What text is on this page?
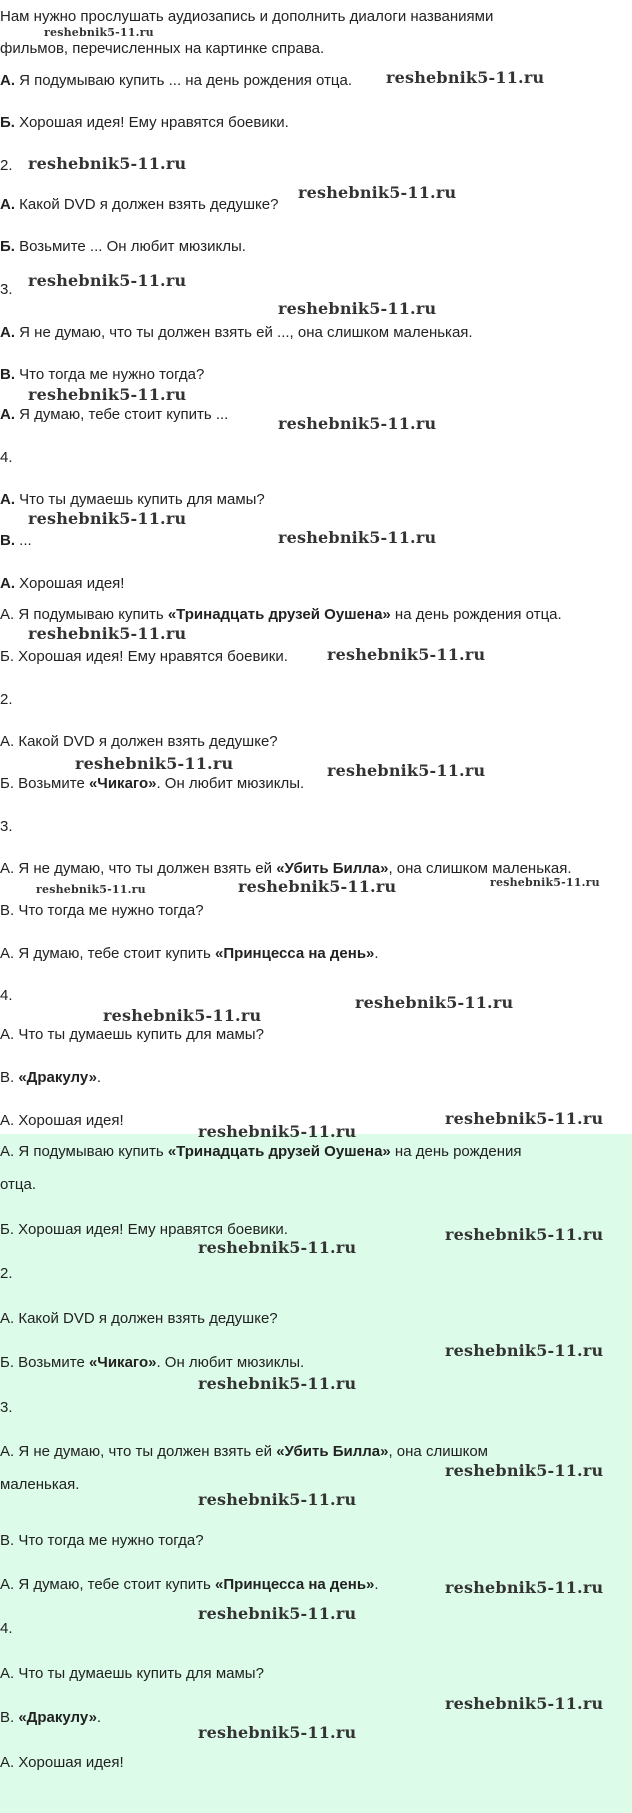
Нам нужно прослушать аудиозапись и дополнить диалоги названиями

фильмов, перечисленных на картинке справа.

А. Я подумываю купить ... на день рождения отца.

Б. Хорошая идея! Ему нравятся боевики.

2.

А. Какой DVD я должен взять дедушке?

Б. Возьмите ... Он любит мюзиклы.

3.

А. Я не думаю, что ты должен взять ей ..., она слишком маленькая.

В. Что тогда ме нужно тогда?

А. Я думаю, тебе стоит купить ...

4.

А. Что ты думаешь купить для мамы?

В. ...

А. Хорошая идея!

А. Я подумываю купить «Тринадцать друзей Оушена» на день рождения отца.

Б. Хорошая идея! Ему нравятся боевики.

2.

А. Какой DVD я должен взять дедушке?

Б. Возьмите «Чикаго». Он любит мюзиклы.

3.

А. Я не думаю, что ты должен взять ей «Убить Билла», она слишком маленькая.

В. Что тогда ме нужно тогда?

А. Я думаю, тебе стоит купить «Принцесса на день».

4.

А. Что ты думаешь купить для мамы?

В. «Дракулу».

А. Хорошая идея!

А. Я подумываю купить «Тринадцать друзей Оушена» на день рождения

отца.

Б. Хорошая идея! Ему нравятся боевики.

2.

А. Какой DVD я должен взять дедушке?

Б. Возьмите «Чикаго». Он любит мюзиклы.

3.

А. Я не думаю, что ты должен взять ей «Убить Билла», она слишком

маленькая.

В. Что тогда ме нужно тогда?

А. Я думаю, тебе стоит купить «Принцесса на день».

4.

А. Что ты думаешь купить для мамы?

В. «Дракулу».

А. Хорошая идея!

reshebnik5-11.ru
reshebnik5-11.ru
reshebnik5-11.ru
reshebnik5-11.ru
reshebnik5-11.ru
reshebnik5-11.ru
reshebnik5-11.ru
reshebnik5-11.ru
reshebnik5-11.ru
reshebnik5-11.ru
reshebnik5-11.ru
reshebnik5-11.ru
reshebnik5-11.ru	reshebnik5-11.ru
reshebnik5-11.ru	reshebnik5-11.ru	reshebnik5-11.ru
reshebnik5-11.ru
reshebnik5-11.ru
reshebnik5-11.ru
reshebnik5-11.ru
reshebnik5-11.ru
reshebnik5-11.ru
reshebnik5-11.ru
reshebnik5-11.ru
reshebnik5-11.ru
reshebnik5-11.ru
reshebnik5-11.ru
reshebnik5-11.ru
reshebnik5-11.ru
reshebnik5-11.ru
